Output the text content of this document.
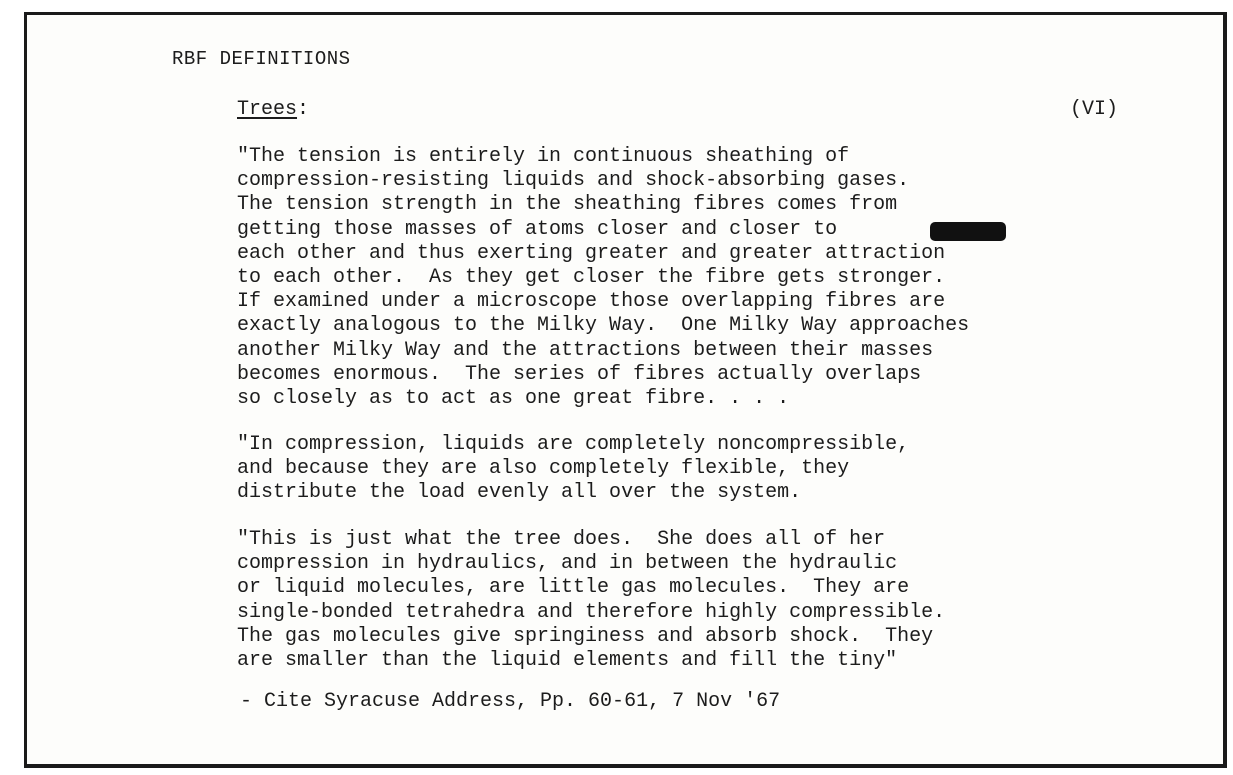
RBF DEFINITIONS
Trees:	(VI)

"The tension is entirely in continuous sheathing of
compression-resisting liquids and shock-absorbing gases.
The tension strength in the sheathing fibres comes from
getting those masses of atoms closer and closer to
each other and thus exerting greater and greater attraction
to each other.  As they get closer the fibre gets stronger.
If examined under a microscope those overlapping fibres are
exactly analogous to the Milky Way.  One Milky Way approaches
another Milky Way and the attractions between their masses
becomes enormous.  The series of fibres actually overlaps
so closely as to act as one great fibre. . . .

"In compression, liquids are completely noncompressible,
and because they are also completely flexible, they
distribute the load evenly all over the system.

"This is just what the tree does.  She does all of her
compression in hydraulics, and in between the hydraulic
or liquid molecules, are little gas molecules.  They are
single-bonded tetrahedra and therefore highly compressible.
The gas molecules give springiness and absorb shock.  They
are smaller than the liquid elements and fill the tiny"

- Cite Syracuse Address, Pp. 60-61, 7 Nov '67
